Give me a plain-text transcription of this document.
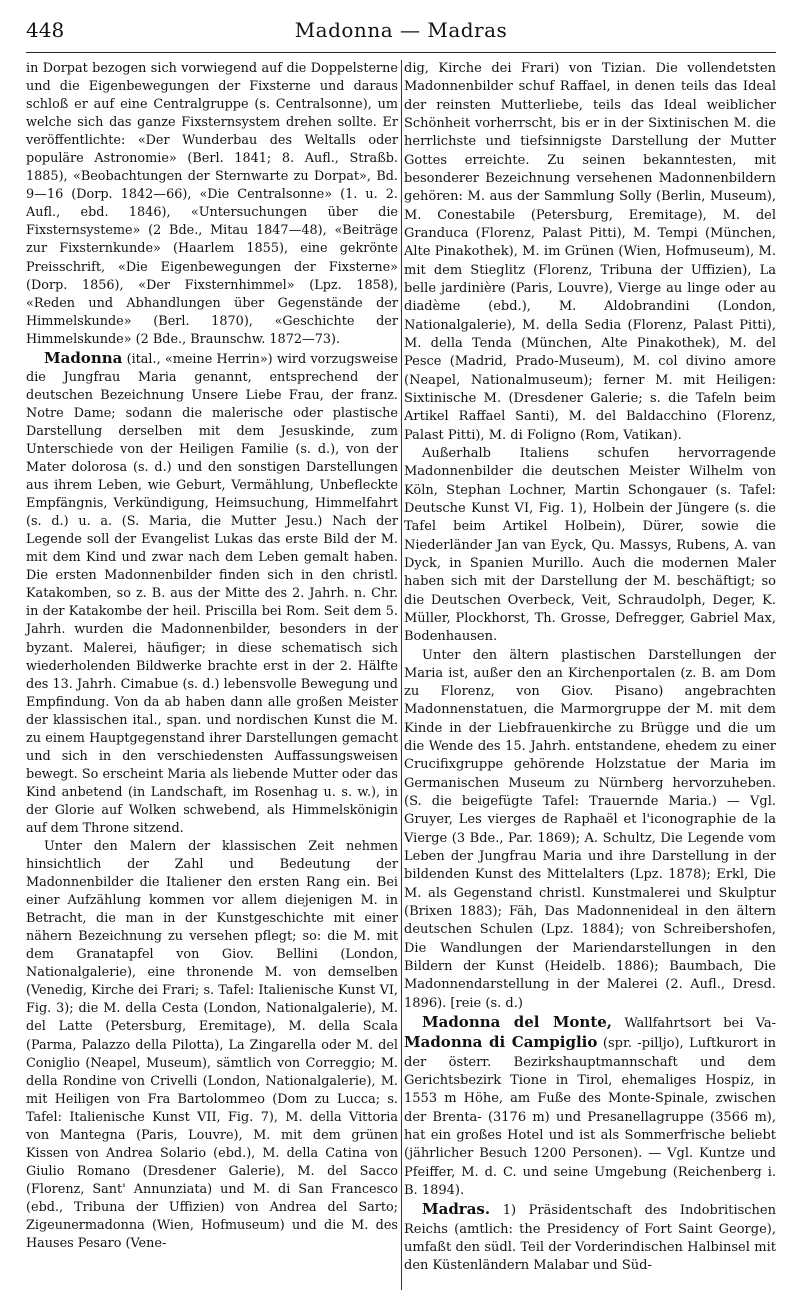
448	Madonna — Madras

in Dorpat bezogen sich vorwiegend auf die Doppelsterne und die Eigenbewegungen der Fixsterne und daraus schloß er auf eine Centralgruppe (s. Centralsonne), um welche sich das ganze Fixsternsystem drehen sollte. Er veröffentlichte: «Der Wunderbau des Weltalls oder populäre Astronomie» (Berl. 1841; 8. Aufl., Straßb. 1885), «Beobachtungen der Sternwarte zu Dorpat», Bd. 9—16 (Dorp. 1842—66), «Die Centralsonne» (1. u. 2. Aufl., ebd. 1846), «Untersuchungen über die Fixsternsysteme» (2 Bde., Mitau 1847—48), «Beiträge zur Fixsternkunde» (Haarlem 1855), eine gekrönte Preisschrift, «Die Eigenbewegungen der Fixsterne» (Dorp. 1856), «Der Fixsternhimmel» (Lpz. 1858), «Reden und Abhandlungen über Gegenstände der Himmelskunde» (Berl. 1870), «Geschichte der Himmelskunde» (2 Bde., Braunschw. 1872—73).

Madonna (ital., «meine Herrin») wird vorzugsweise die Jungfrau Maria genannt, entsprechend der deutschen Bezeichnung Unsere Liebe Frau, der franz. Notre Dame; sodann die malerische oder plastische Darstellung derselben mit dem Jesuskinde, zum Unterschiede von der Heiligen Familie (s. d.), von der Mater dolorosa (s. d.) und den sonstigen Darstellungen aus ihrem Leben, wie Geburt, Vermählung, Unbefleckte Empfängnis, Verkündigung, Heimsuchung, Himmelfahrt (s. d.) u. a. (S. Maria, die Mutter Jesu.) Nach der Legende soll der Evangelist Lukas das erste Bild der M. mit dem Kind und zwar nach dem Leben gemalt haben. Die ersten Madonnenbilder finden sich in den christl. Katakomben, so z. B. aus der Mitte des 2. Jahrh. n. Chr. in der Katakombe der heil. Priscilla bei Rom. Seit dem 5. Jahrh. wurden die Madonnenbilder, besonders in der byzant. Malerei, häufiger; in diese schematisch sich wiederholenden Bildwerke brachte erst in der 2. Hälfte des 13. Jahrh. Cimabue (s. d.) lebensvolle Bewegung und Empfindung. Von da ab haben dann alle großen Meister der klassischen ital., span. und nordischen Kunst die M. zu einem Hauptgegenstand ihrer Darstellungen gemacht und sich in den verschiedensten Auffassungsweisen bewegt. So erscheint Maria als liebende Mutter oder das Kind anbetend (in Landschaft, im Rosenhag u. s. w.), in der Glorie auf Wolken schwebend, als Himmelskönigin auf dem Throne sitzend.

Unter den Malern der klassischen Zeit nehmen hinsichtlich der Zahl und Bedeutung der Madonnenbilder die Italiener den ersten Rang ein. Bei einer Aufzählung kommen vor allem diejenigen M. in Betracht, die man in der Kunstgeschichte mit einer nähern Bezeichnung zu versehen pflegt; so: die M. mit dem Granatapfel von Giov. Bellini (London, Nationalgalerie), eine thronende M. von demselben (Venedig, Kirche dei Frari; s. Tafel: Italienische Kunst VI, Fig. 3); die M. della Cesta (London, Nationalgalerie), M. del Latte (Petersburg, Eremitage), M. della Scala (Parma, Palazzo della Pilotta), La Zingarella oder M. del Coniglio (Neapel, Museum), sämtlich von Correggio; M. della Rondine von Crivelli (London, Nationalgalerie), M. mit Heiligen von Fra Bartolommeo (Dom zu Lucca; s. Tafel: Italienische Kunst VII, Fig. 7), M. della Vittoria von Mantegna (Paris, Louvre), M. mit dem grünen Kissen von Andrea Solario (ebd.), M. della Catina von Giulio Romano (Dresdener Galerie), M. del Sacco (Florenz, Sant' Annunziata) und M. di San Francesco (ebd., Tribuna der Uffizien) von Andrea del Sarto; Zigeunermadonna (Wien, Hofmuseum) und die M. des Hauses Pesaro (Vene-

dig, Kirche dei Frari) von Tizian. Die vollendetsten Madonnenbilder schuf Raffael, in denen teils das Ideal der reinsten Mutterliebe, teils das Ideal weiblicher Schönheit vorherrscht, bis er in der Sixtinischen M. die herrlichste und tiefsinnigste Darstellung der Mutter Gottes erreichte. Zu seinen bekanntesten, mit besonderer Bezeichnung versehenen Madonnenbildern gehören: M. aus der Sammlung Solly (Berlin, Museum), M. Conestabile (Petersburg, Eremitage), M. del Granduca (Florenz, Palast Pitti), M. Tempi (München, Alte Pinakothek), M. im Grünen (Wien, Hofmuseum), M. mit dem Stieglitz (Florenz, Tribuna der Uffizien), La belle jardinière (Paris, Louvre), Vierge au linge oder au diadème (ebd.), M. Aldobrandini (London, Nationalgalerie), M. della Sedia (Florenz, Palast Pitti), M. della Tenda (München, Alte Pinakothek), M. del Pesce (Madrid, Prado-Museum), M. col divino amore (Neapel, Nationalmuseum); ferner M. mit Heiligen: Sixtinische M. (Dresdener Galerie; s. die Tafeln beim Artikel Raffael Santi), M. del Baldacchino (Florenz, Palast Pitti), M. di Foligno (Rom, Vatikan).

Außerhalb Italiens schufen hervorragende Madonnenbilder die deutschen Meister Wilhelm von Köln, Stephan Lochner, Martin Schongauer (s. Tafel: Deutsche Kunst VI, Fig. 1), Holbein der Jüngere (s. die Tafel beim Artikel Holbein), Dürer, sowie die Niederländer Jan van Eyck, Qu. Massys, Rubens, A. van Dyck, in Spanien Murillo. Auch die modernen Maler haben sich mit der Darstellung der M. beschäftigt; so die Deutschen Overbeck, Veit, Schraudolph, Deger, K. Müller, Plockhorst, Th. Grosse, Defregger, Gabriel Max, Bodenhausen.

Unter den ältern plastischen Darstellungen der Maria ist, außer den an Kirchenportalen (z. B. am Dom zu Florenz, von Giov. Pisano) angebrachten Madonnenstatuen, die Marmorgruppe der M. mit dem Kinde in der Liebfrauenkirche zu Brügge und die um die Wende des 15. Jahrh. entstandene, ehedem zu einer Crucifixgruppe gehörende Holzstatue der Maria im Germanischen Museum zu Nürnberg hervorzuheben. (S. die beigefügte Tafel: Trauernde Maria.) — Vgl. Gruyer, Les vierges de Raphaël et l'iconographie de la Vierge (3 Bde., Par. 1869); A. Schultz, Die Legende vom Leben der Jungfrau Maria und ihre Darstellung in der bildenden Kunst des Mittelalters (Lpz. 1878); Erkl, Die M. als Gegenstand christl. Kunstmalerei und Skulptur (Brixen 1883); Fäh, Das Madonnenideal in den ältern deutschen Schulen (Lpz. 1884); von Schreibershofen, Die Wandlungen der Mariendarstellungen in den Bildern der Kunst (Heidelb. 1886); Baumbach, Die Madonnendarstellung in der Malerei (2. Aufl., Dresd. 1896). [reie (s. d.)

Madonna del Monte, Wallfahrtsort bei Va- Madonna di Campiglio (spr. -pilljo), Luftkurort in der österr. Bezirkshauptmannschaft und dem Gerichtsbezirk Tione in Tirol, ehemaliges Hospiz, in 1553 m Höhe, am Fuße des Monte-Spinale, zwischen der Brenta- (3176 m) und Presanellagruppe (3566 m), hat ein großes Hotel und ist als Sommerfrische beliebt (jährlicher Besuch 1200 Personen). — Vgl. Kuntze und Pfeiffer, M. d. C. und seine Umgebung (Reichenberg i. B. 1894).

Madras. 1) Präsidentschaft des Indobritischen Reichs (amtlich: the Presidency of Fort Saint George), umfaßt den südl. Teil der Vorderindischen Halbinsel mit den Küstenländern Malabar und Süd-
